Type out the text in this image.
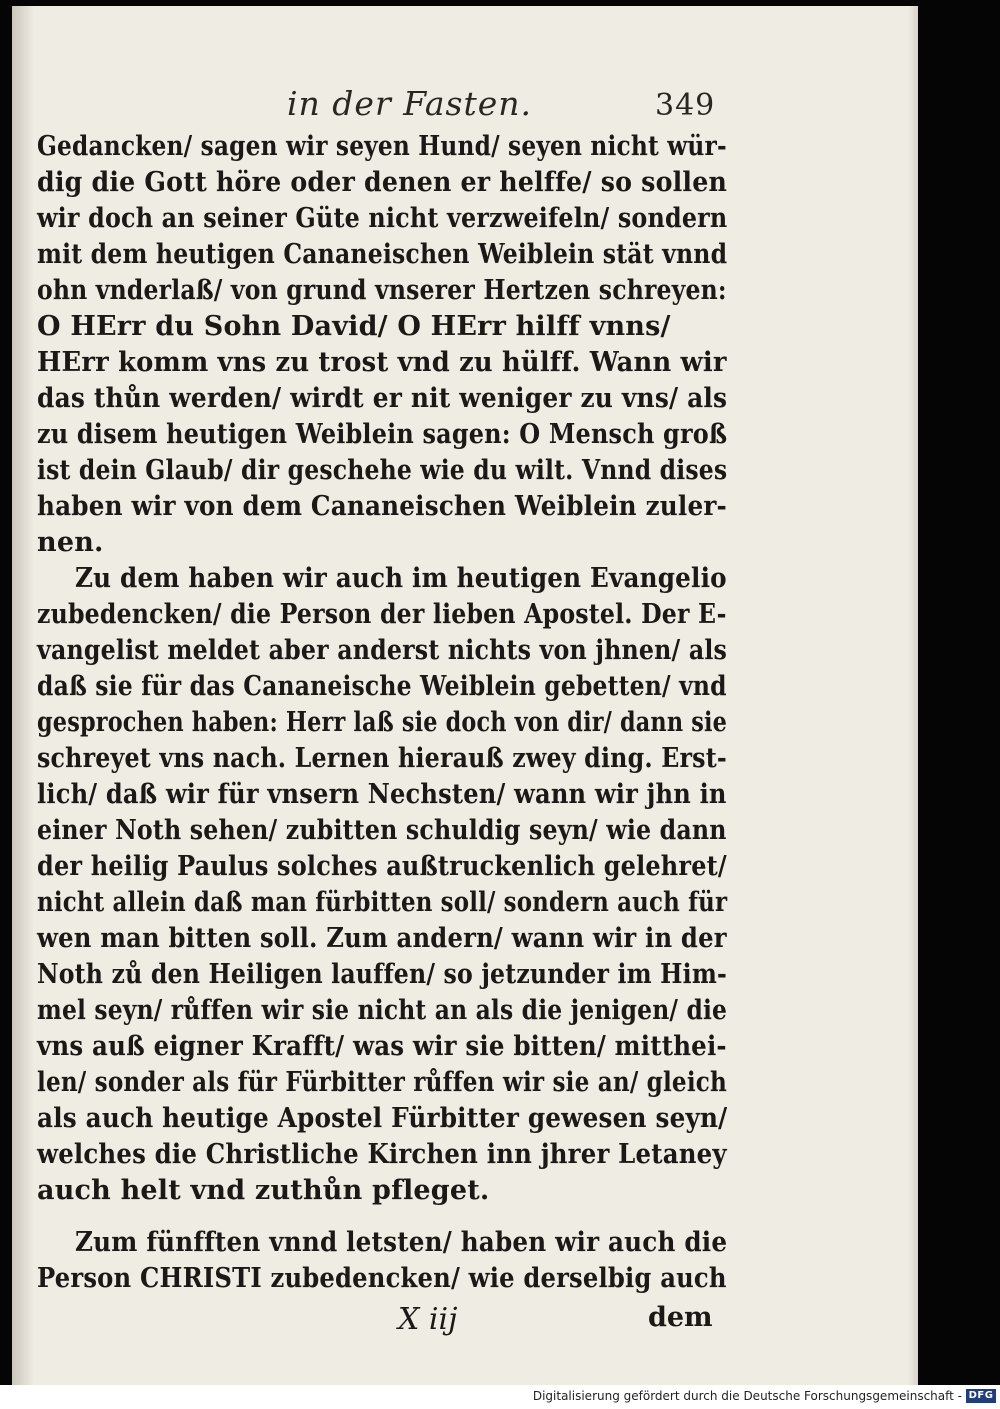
in der Fasten.	349
Gedancken/ sagen wir seyen Hund/ seyen nicht wür-
dig die Gott höre oder denen er helffe/ so sollen
wir doch an seiner Güte nicht verzweifeln/ sondern
mit dem heutigen Cananeischen Weiblein stät vnnd
ohn vnderlaß/ von grund vnserer Hertzen schreyen:
O HErr du Sohn David/ O HErr hilff vnns/
HErr komm vns zu trost vnd zu hülff. Wann wir
das thůn werden/ wirdt er nit weniger zu vns/ als
zu disem heutigen Weiblein sagen: O Mensch groß
ist dein Glaub/ dir geschehe wie du wilt. Vnnd dises
haben wir von dem Cananeischen Weiblein zuler-
nen.
Zu dem haben wir auch im heutigen Evangelio
zubedencken/ die Person der lieben Apostel. Der E-
vangelist meldet aber anderst nichts von jhnen/ als
daß sie für das Cananeische Weiblein gebetten/ vnd
gesprochen haben: Herr laß sie doch von dir/ dann sie
schreyet vns nach. Lernen hierauß zwey ding. Erst-
lich/ daß wir für vnsern Nechsten/ wann wir jhn in
einer Noth sehen/ zubitten schuldig seyn/ wie dann
der heilig Paulus solches außtruckenlich gelehret/
nicht allein daß man fürbitten soll/ sondern auch für
wen man bitten soll. Zum andern/ wann wir in der
Noth zů den Heiligen lauffen/ so jetzunder im Him-
mel seyn/ růffen wir sie nicht an als die jenigen/ die
vns auß eigner Krafft/ was wir sie bitten/ mitthei-
len/ sonder als für Fürbitter růffen wir sie an/ gleich
als auch heutige Apostel Fürbitter gewesen seyn/
welches die Christliche Kirchen inn jhrer Letaney
auch helt vnd zuthůn pfleget.
Zum fünfften vnnd letsten/ haben wir auch die
Person CHRISTI zubedencken/ wie derselbig auch
X iij	dem
Digitalisierung gefördert durch die Deutsche Forschungsgemeinschaft - DFG
